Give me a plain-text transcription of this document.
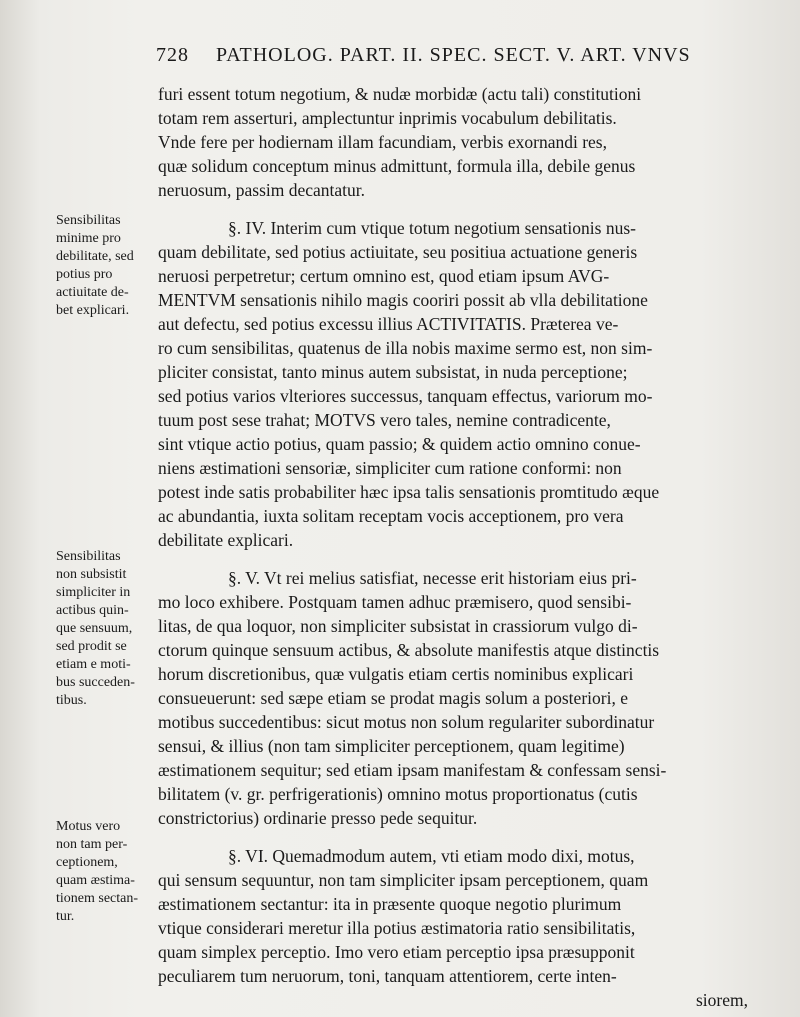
728 PATHOLOG. PART. II. SPEC. SECT. V. ART. VNVS
furi essent totum negotium, & nudæ morbidæ (actu tali) constitutioni
totam rem asserturi, amplectuntur inprimis vocabulum debilitatis.
Vnde fere per hodiernam illam facundiam, verbis exornandi res,
quæ solidum conceptum minus admittunt, formula illa, debile genus
neruosum, passim decantatur.
§. IV. Interim cum vtique totum negotium sensationis nus-
quam debilitate, sed potius actiuitate, seu positiua actuatione generis
neruosi perpetretur; certum omnino est, quod etiam ipsum AVG-
MENTVM sensationis nihilo magis cooriri possit ab vlla debilitatione
aut defectu, sed potius excessu illius ACTIVITATIS. Præterea ve-
ro cum sensibilitas, quatenus de illa nobis maxime sermo est, non sim-
pliciter consistat, tanto minus autem subsistat, in nuda perceptione;
sed potius varios vlteriores successus, tanquam effectus, variorum mo-
tuum post sese trahat; MOTVS vero tales, nemine contradicente,
sint vtique actio potius, quam passio; & quidem actio omnino conue-
niens æstimationi sensoriæ, simpliciter cum ratione conformi: non
potest inde satis probabiliter hæc ipsa talis sensationis promtitudo æque
ac abundantia, iuxta solitam receptam vocis acceptionem, pro vera
debilitate explicari.
§. V. Vt rei melius satisfiat, necesse erit historiam eius pri-
mo loco exhibere. Postquam tamen adhuc præmisero, quod sensibi-
litas, de qua loquor, non simpliciter subsistat in crassiorum vulgo di-
ctorum quinque sensuum actibus, & absolute manifestis atque distinctis
horum discretionibus, quæ vulgatis etiam certis nominibus explicari
consueuerunt: sed sæpe etiam se prodat magis solum a posteriori, e
motibus succedentibus: sicut motus non solum regulariter subordinatur
sensui, & illius (non tam simpliciter perceptionem, quam legitime)
æstimationem sequitur; sed etiam ipsam manifestam & confessam sensi-
bilitatem (v. gr. perfrigerationis) omnino motus proportionatus (cutis
constrictorius) ordinarie presso pede sequitur.
§. VI. Quemadmodum autem, vti etiam modo dixi, motus,
qui sensum sequuntur, non tam simpliciter ipsam perceptionem, quam
æstimationem sectantur: ita in præsente quoque negotio plurimum
vtique considerari meretur illa potius æstimatoria ratio sensibilitatis,
quam simplex perceptio. Imo vero etiam perceptio ipsa præsupponit
peculiarem tum neruorum, toni, tanquam attentiorem, certe inten-
siorem,
Sensibilitas
minime pro
debilitate, sed
potius pro
actiuitate de-
bet explicari.
Sensibilitas
non subsistit
simpliciter in
actibus quin-
que sensuum,
sed prodit se
etiam e moti-
bus succeden-
tibus.
Motus vero
non tam per-
ceptionem,
quam æstima-
tionem sectan-
tur.
